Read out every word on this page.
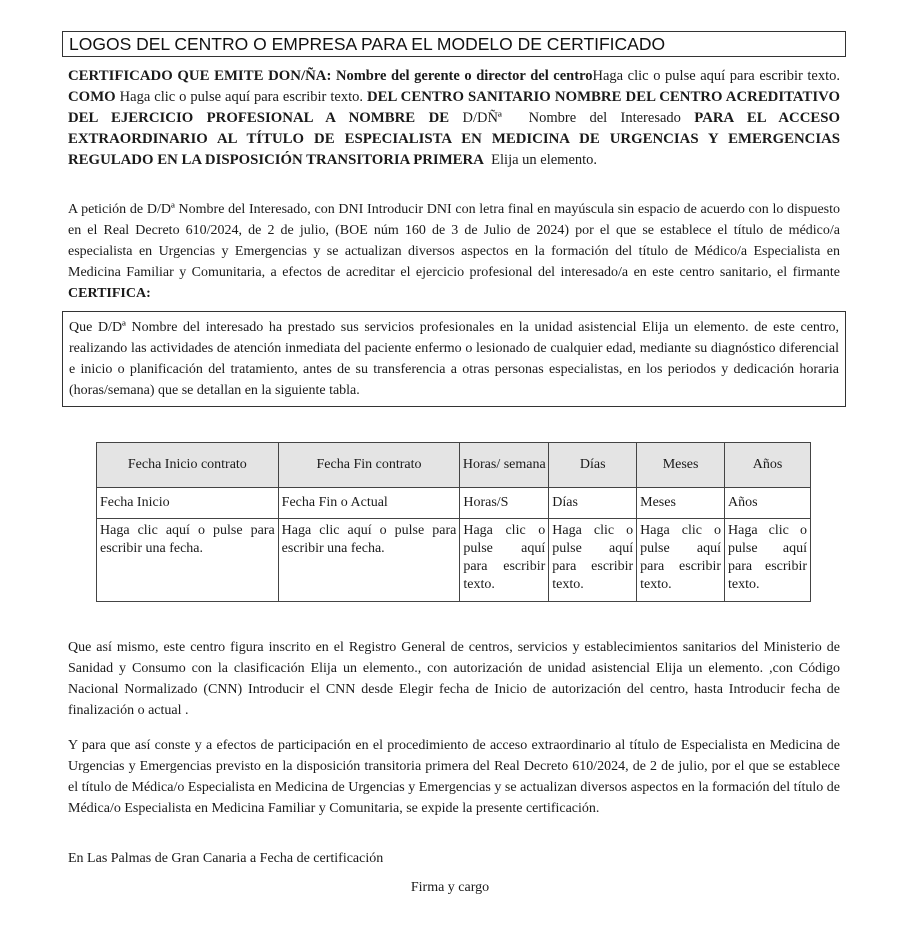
LOGOS DEL CENTRO O EMPRESA PARA EL MODELO DE CERTIFICADO

CERTIFICADO QUE EMITE DON/ÑA: Nombre del gerente o director del centroHaga clic o pulse aquí para escribir texto. COMO Haga clic o pulse aquí para escribir texto. DEL CENTRO SANITARIO NOMBRE DEL CENTRO ACREDITATIVO DEL EJERCICIO PROFESIONAL A NOMBRE DE D/DÑª Nombre del Interesado PARA EL ACCESO EXTRAORDINARIO AL TÍTULO DE ESPECIALISTA EN MEDICINA DE URGENCIAS Y EMERGENCIAS REGULADO EN LA DISPOSICIÓN TRANSITORIA PRIMERA Elija un elemento.

A petición de D/Dª Nombre del Interesado, con DNI Introducir DNI con letra final en mayúscula sin espacio de acuerdo con lo dispuesto en el Real Decreto 610/2024, de 2 de julio, (BOE núm 160 de 3 de Julio de 2024) por el que se establece el título de médico/a especialista en Urgencias y Emergencias y se actualizan diversos aspectos en la formación del título de Médico/a Especialista en Medicina Familiar y Comunitaria, a efectos de acreditar el ejercicio profesional del interesado/a en este centro sanitario, el firmante CERTIFICA:

Que D/Dª Nombre del interesado ha prestado sus servicios profesionales en la unidad asistencial Elija un elemento. de este centro, realizando las actividades de atención inmediata del paciente enfermo o lesionado de cualquier edad, mediante su diagnóstico diferencial e inicio o planificación del tratamiento, antes de su transferencia a otras personas especialistas, en los periodos y dedicación horaria (horas/semana) que se detallan en la siguiente tabla.
Fecha Inicio contrato	Fecha Fin contrato	Horas/ semana	Días	Meses	Años
Fecha Inicio	Fecha Fin o Actual	Horas/S	Días	Meses	Años
Haga clic aquí o pulse para escribir una fecha.	Haga clic aquí o pulse para escribir una fecha.	Haga clic o pulse aquí para escribir texto.	Haga clic o pulse aquí para escribir texto.	Haga clic o pulse aquí para escribir texto.	Haga clic o pulse aquí para escribir texto.

Que así mismo, este centro figura inscrito en el Registro General de centros, servicios y establecimientos sanitarios del Ministerio de Sanidad y Consumo con la clasificación Elija un elemento., con autorización de unidad asistencial Elija un elemento. ,con Código Nacional Normalizado (CNN) Introducir el CNN desde Elegir fecha de Inicio de autorización del centro, hasta Introducir fecha de finalización o actual .

Y para que así conste y a efectos de participación en el procedimiento de acceso extraordinario al título de Especialista en Medicina de Urgencias y Emergencias previsto en la disposición transitoria primera del Real Decreto 610/2024, de 2 de julio, por el que se establece el título de Médica/o Especialista en Medicina de Urgencias y Emergencias y se actualizan diversos aspectos en la formación del título de Médica/o Especialista en Medicina Familiar y Comunitaria, se expide la presente certificación.

En Las Palmas de Gran Canaria a Fecha de certificación

Firma y cargo
